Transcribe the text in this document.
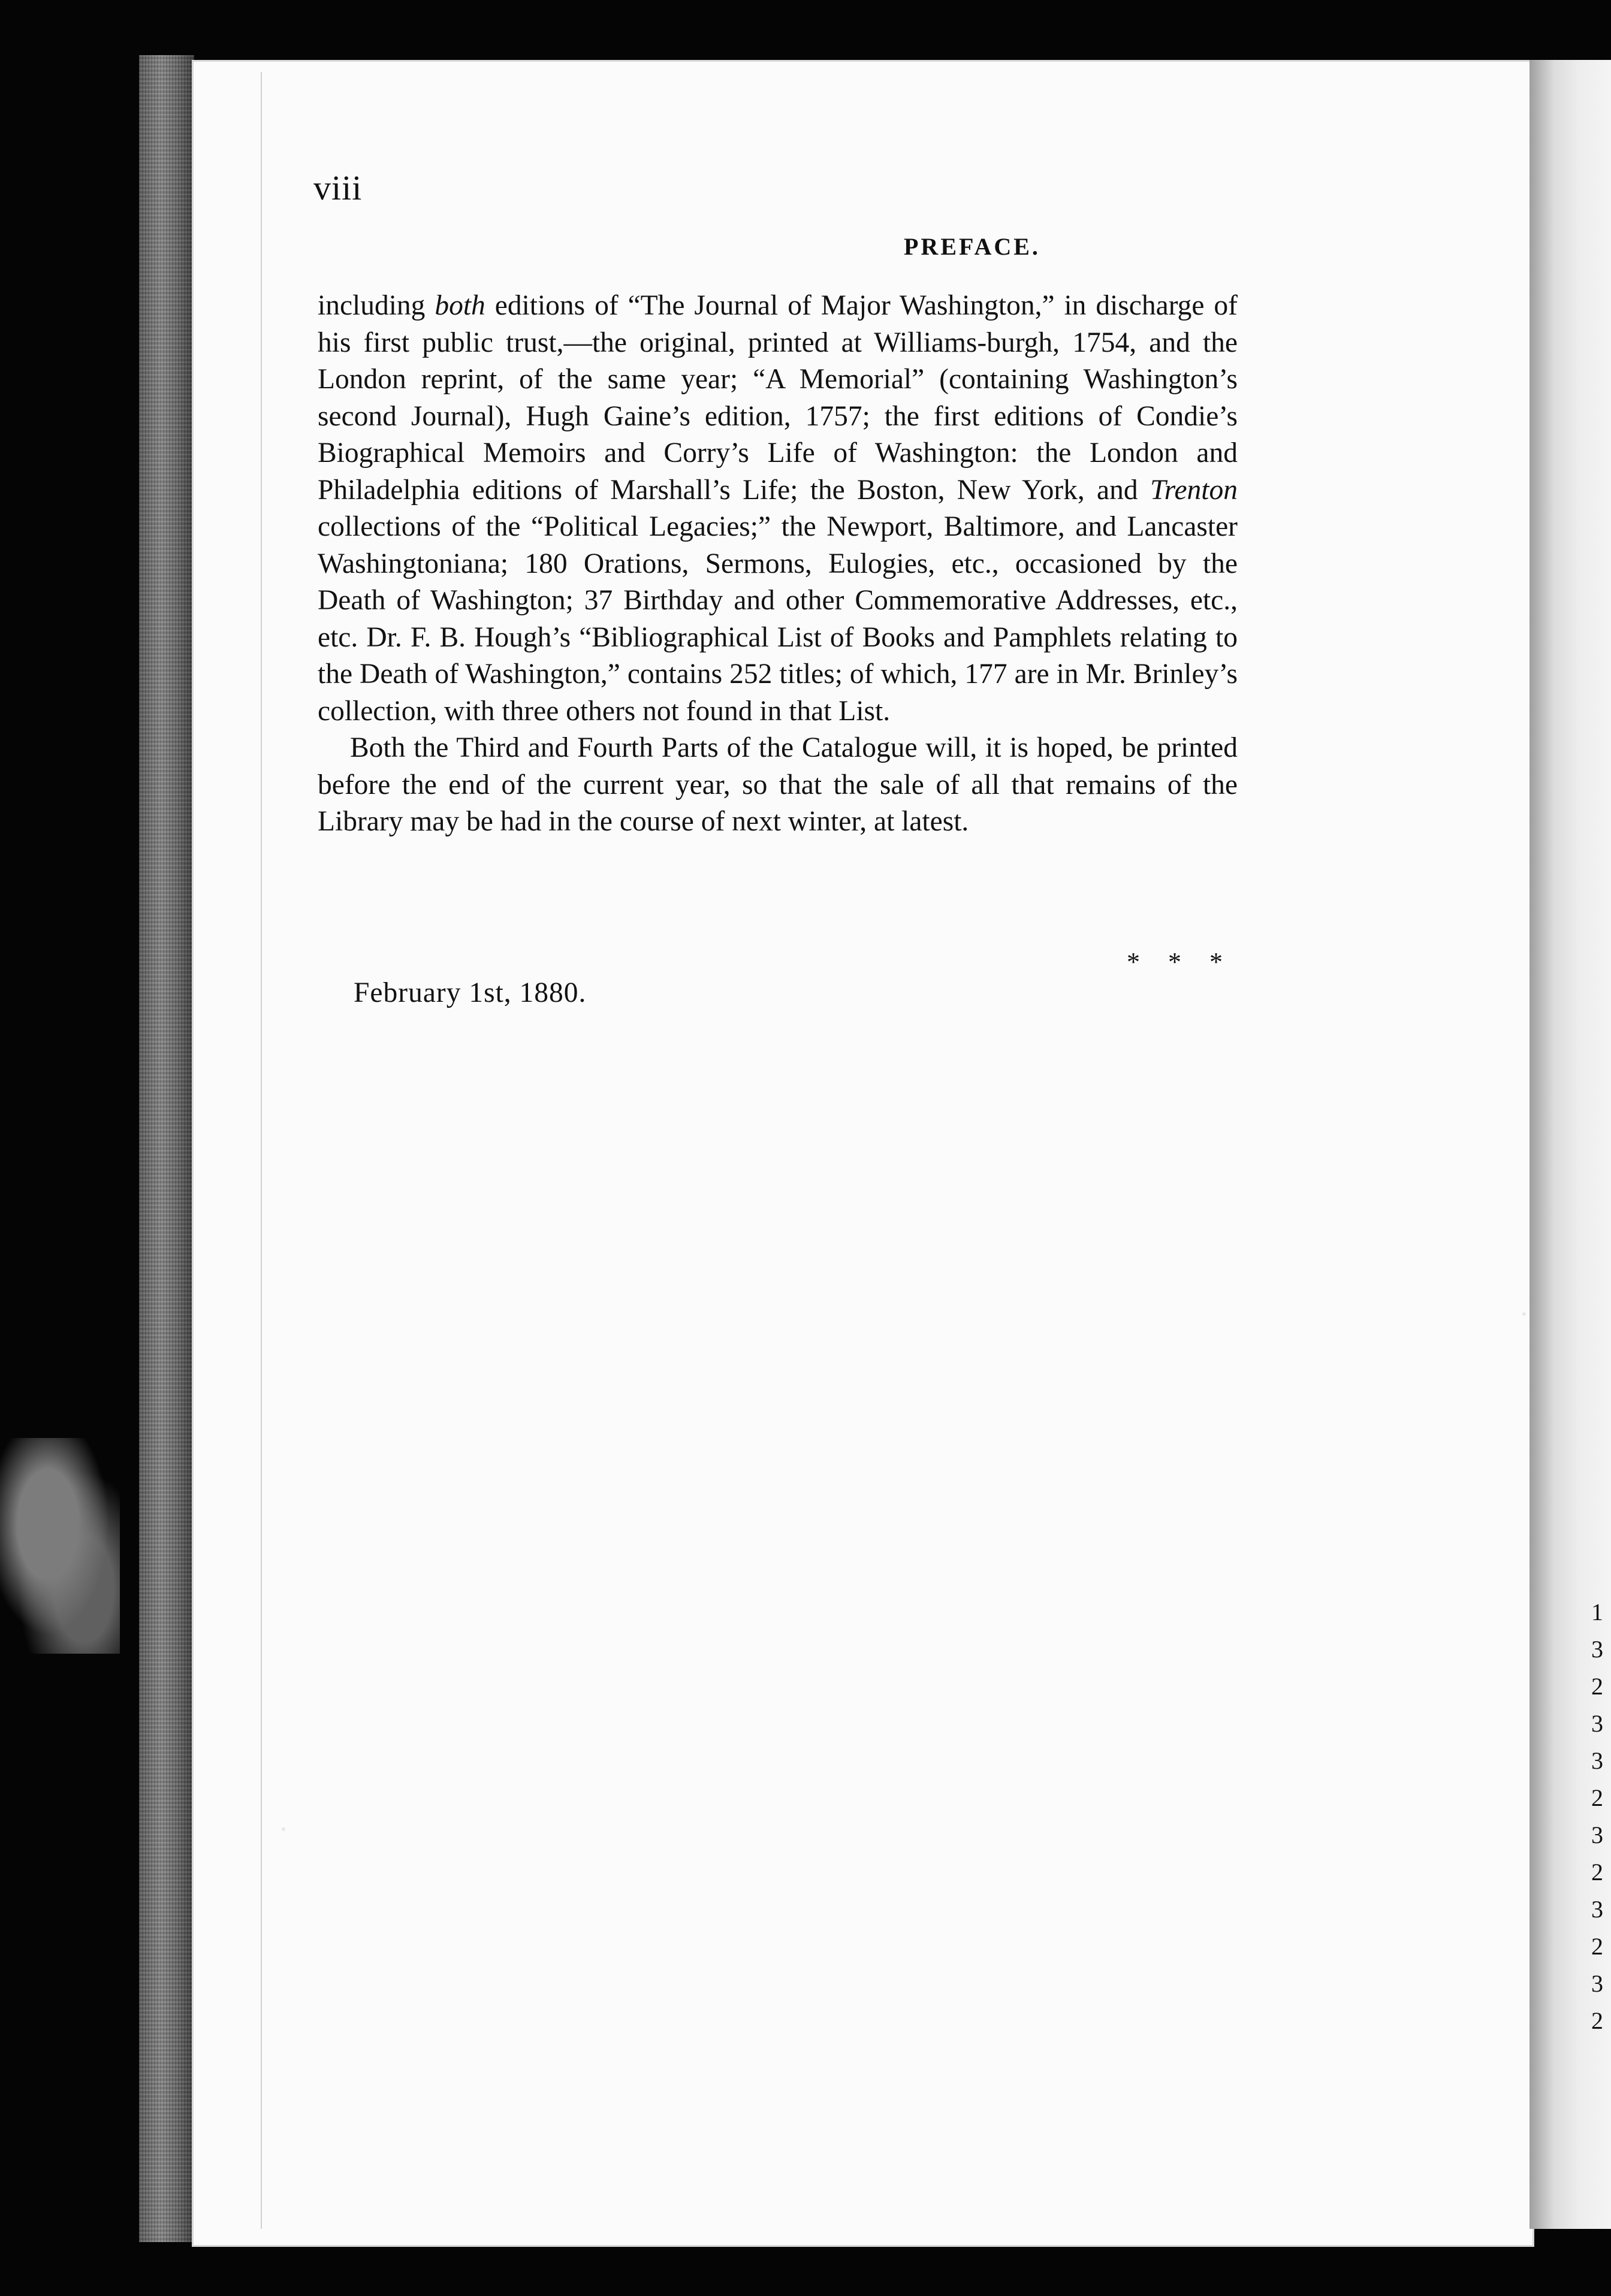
1
3
2
3
3
2
3
2
3
2
3
2
viii
PREFACE.

including both editions of “The Journal of Major Washington,” in discharge of his first public trust,—the original, printed at Williams-burgh, 1754, and the London reprint, of the same year; “A Memorial” (containing Washington’s second Journal), Hugh Gaine’s edition, 1757; the first editions of Condie’s Biographical Memoirs and Corry’s Life of Washington: the London and Philadelphia editions of Marshall’s Life; the Boston, New York, and Trenton collections of the “Political Legacies;” the Newport, Baltimore, and Lancaster Washingtoniana; 180 Orations, Sermons, Eulogies, etc., occasioned by the Death of Washington; 37 Birthday and other Commemorative Addresses, etc., etc. Dr. F. B. Hough’s “Bibliographical List of Books and Pamphlets relating to the Death of Washington,” contains 252 titles; of which, 177 are in Mr. Brinley’s collection, with three others not found in that List.

Both the Third and Fourth Parts of the Catalogue will, it is hoped, be printed before the end of the current year, so that the sale of all that remains of the Library may be had in the course of next winter, at latest.

* * *
February 1st, 1880.
